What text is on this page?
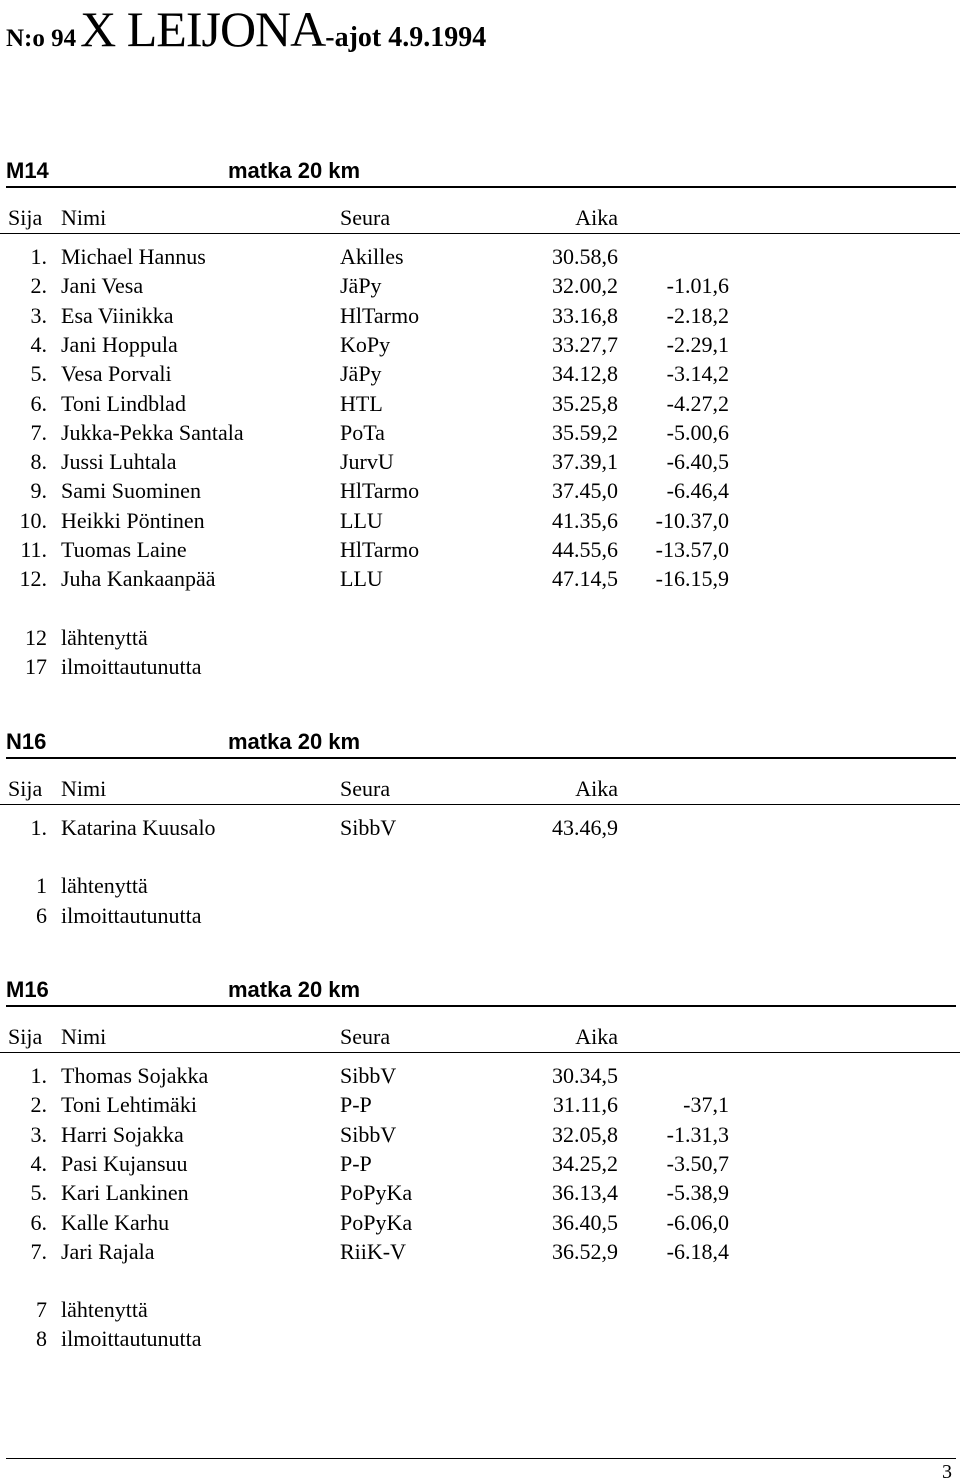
N:o 94 X LEIJONA-ajot 4.9.1994
M14	matka 20 km
Sija Nimi	Seura	Aika
1. Michael Hannus	Akilles	30.58,6
2. Jani Vesa	JäPy	32.00,2 -1.01,6
3. Esa Viinikka	HlTarmo	33.16,8 -2.18,2
4. Jani Hoppula	KoPy	33.27,7 -2.29,1
5. Vesa Porvali	JäPy	34.12,8 -3.14,2
6. Toni Lindblad	HTL	35.25,8 -4.27,2
7. Jukka-Pekka Santala	PoTa	35.59,2 -5.00,6
8. Jussi Luhtala	JurvU	37.39,1 -6.40,5
9. Sami Suominen	HlTarmo	37.45,0 -6.46,4
10. Heikki Pöntinen	LLU	41.35,6 -10.37,0
11. Tuomas Laine	HlTarmo	44.55,6 -13.57,0
12. Juha Kankaanpää	LLU	47.14,5 -16.15,9
12 lähtenyttä
17 ilmoittautunutta
N16	matka 20 km
Sija Nimi	Seura	Aika
1. Katarina Kuusalo	SibbV	43.46,9
1 lähtenyttä
6 ilmoittautunutta
M16	matka 20 km
Sija Nimi	Seura	Aika
1. Thomas Sojakka	SibbV	30.34,5
2. Toni Lehtimäki	P-P	31.11,6	-37,1
3. Harri Sojakka	SibbV	32.05,8 -1.31,3
4. Pasi Kujansuu	P-P	34.25,2 -3.50,7
5. Kari Lankinen	PoPyKa	36.13,4 -5.38,9
6. Kalle Karhu	PoPyKa	36.40,5 -6.06,0
7. Jari Rajala	RiiK-V	36.52,9 -6.18,4
7 lähtenyttä
8 ilmoittautunutta
3
